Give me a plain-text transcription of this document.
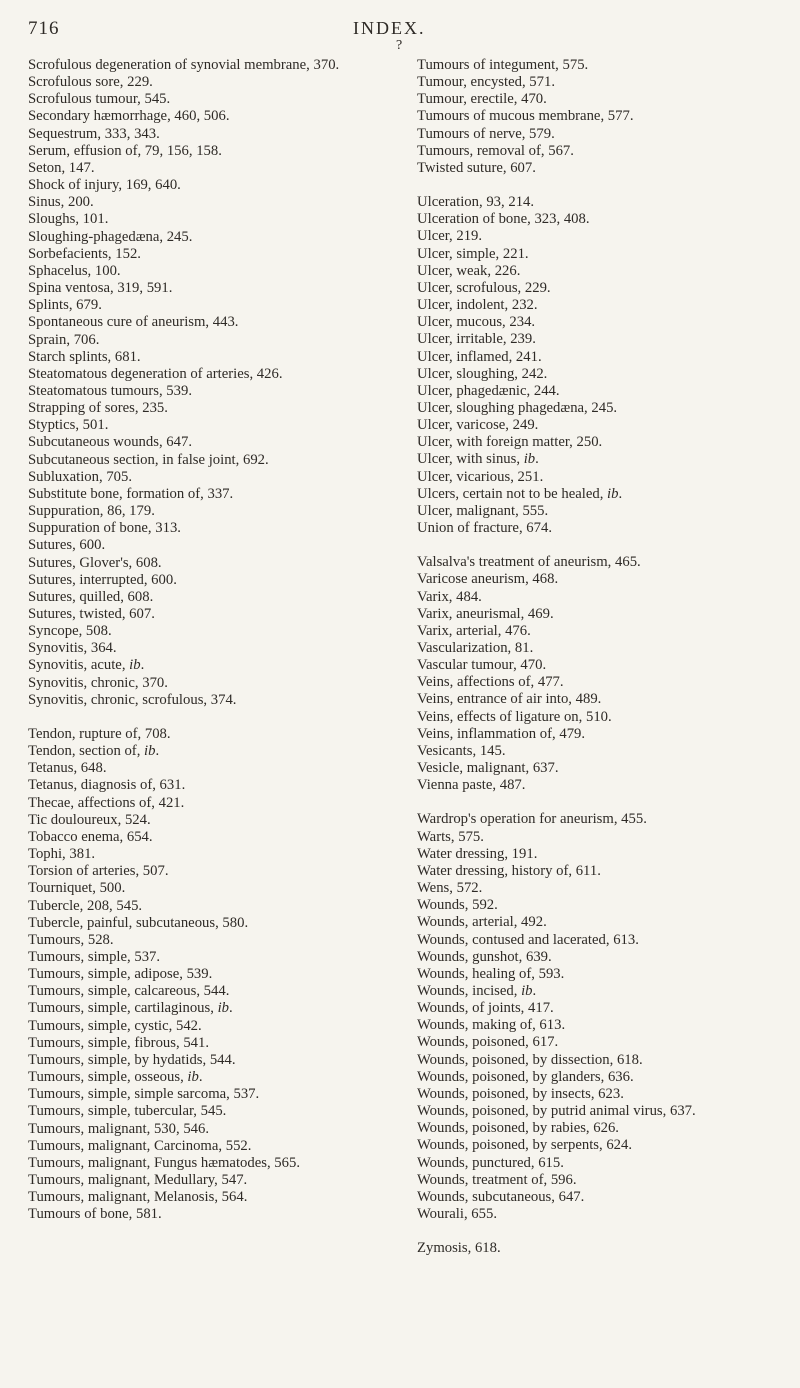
716	INDEX.
?
Scrofulous degeneration of synovial membrane, 370.
Scrofulous sore, 229.
Scrofulous tumour, 545.
Secondary hæmorrhage, 460, 506.
Sequestrum, 333, 343.
Serum, effusion of, 79, 156, 158.
Seton, 147.
Shock of injury, 169, 640.
Sinus, 200.
Sloughs, 101.
Sloughing-phagedæna, 245.
Sorbefacients, 152.
Sphacelus, 100.
Spina ventosa, 319, 591.
Splints, 679.
Spontaneous cure of aneurism, 443.
Sprain, 706.
Starch splints, 681.
Steatomatous degeneration of arteries, 426.
Steatomatous tumours, 539.
Strapping of sores, 235.
Styptics, 501.
Subcutaneous wounds, 647.
Subcutaneous section, in false joint, 692.
Subluxation, 705.
Substitute bone, formation of, 337.
Suppuration, 86, 179.
Suppuration of bone, 313.
Sutures, 600.
Sutures, Glover's, 608.
Sutures, interrupted, 600.
Sutures, quilled, 608.
Sutures, twisted, 607.
Syncope, 508.
Synovitis, 364.
Synovitis, acute, ib.
Synovitis, chronic, 370.
Synovitis, chronic, scrofulous, 374.
Tendon, rupture of, 708.
Tendon, section of, ib.
Tetanus, 648.
Tetanus, diagnosis of, 631.
Thecae, affections of, 421.
Tic douloureux, 524.
Tobacco enema, 654.
Tophi, 381.
Torsion of arteries, 507.
Tourniquet, 500.
Tubercle, 208, 545.
Tubercle, painful, subcutaneous, 580.
Tumours, 528.
Tumours, simple, 537.
Tumours, simple, adipose, 539.
Tumours, simple, calcareous, 544.
Tumours, simple, cartilaginous, ib.
Tumours, simple, cystic, 542.
Tumours, simple, fibrous, 541.
Tumours, simple, by hydatids, 544.
Tumours, simple, osseous, ib.
Tumours, simple, simple sarcoma, 537.
Tumours, simple, tubercular, 545.
Tumours, malignant, 530, 546.
Tumours, malignant, Carcinoma, 552.
Tumours, malignant, Fungus hæmatodes, 565.
Tumours, malignant, Medullary, 547.
Tumours, malignant, Melanosis, 564.
Tumours of bone, 581.
Tumours of integument, 575.
Tumour, encysted, 571.
Tumour, erectile, 470.
Tumours of mucous membrane, 577.
Tumours of nerve, 579.
Tumours, removal of, 567.
Twisted suture, 607.
Ulceration, 93, 214.
Ulceration of bone, 323, 408.
Ulcer, 219.
Ulcer, simple, 221.
Ulcer, weak, 226.
Ulcer, scrofulous, 229.
Ulcer, indolent, 232.
Ulcer, mucous, 234.
Ulcer, irritable, 239.
Ulcer, inflamed, 241.
Ulcer, sloughing, 242.
Ulcer, phagedænic, 244.
Ulcer, sloughing phagedæna, 245.
Ulcer, varicose, 249.
Ulcer, with foreign matter, 250.
Ulcer, with sinus, ib.
Ulcer, vicarious, 251.
Ulcers, certain not to be healed, ib.
Ulcer, malignant, 555.
Union of fracture, 674.
Valsalva's treatment of aneurism, 465.
Varicose aneurism, 468.
Varix, 484.
Varix, aneurismal, 469.
Varix, arterial, 476.
Vascularization, 81.
Vascular tumour, 470.
Veins, affections of, 477.
Veins, entrance of air into, 489.
Veins, effects of ligature on, 510.
Veins, inflammation of, 479.
Vesicants, 145.
Vesicle, malignant, 637.
Vienna paste, 487.
Wardrop's operation for aneurism, 455.
Warts, 575.
Water dressing, 191.
Water dressing, history of, 611.
Wens, 572.
Wounds, 592.
Wounds, arterial, 492.
Wounds, contused and lacerated, 613.
Wounds, gunshot, 639.
Wounds, healing of, 593.
Wounds, incised, ib.
Wounds, of joints, 417.
Wounds, making of, 613.
Wounds, poisoned, 617.
Wounds, poisoned, by dissection, 618.
Wounds, poisoned, by glanders, 636.
Wounds, poisoned, by insects, 623.
Wounds, poisoned, by putrid animal virus, 637.
Wounds, poisoned, by rabies, 626.
Wounds, poisoned, by serpents, 624.
Wounds, punctured, 615.
Wounds, treatment of, 596.
Wounds, subcutaneous, 647.
Wourali, 655.
Zymosis, 618.
